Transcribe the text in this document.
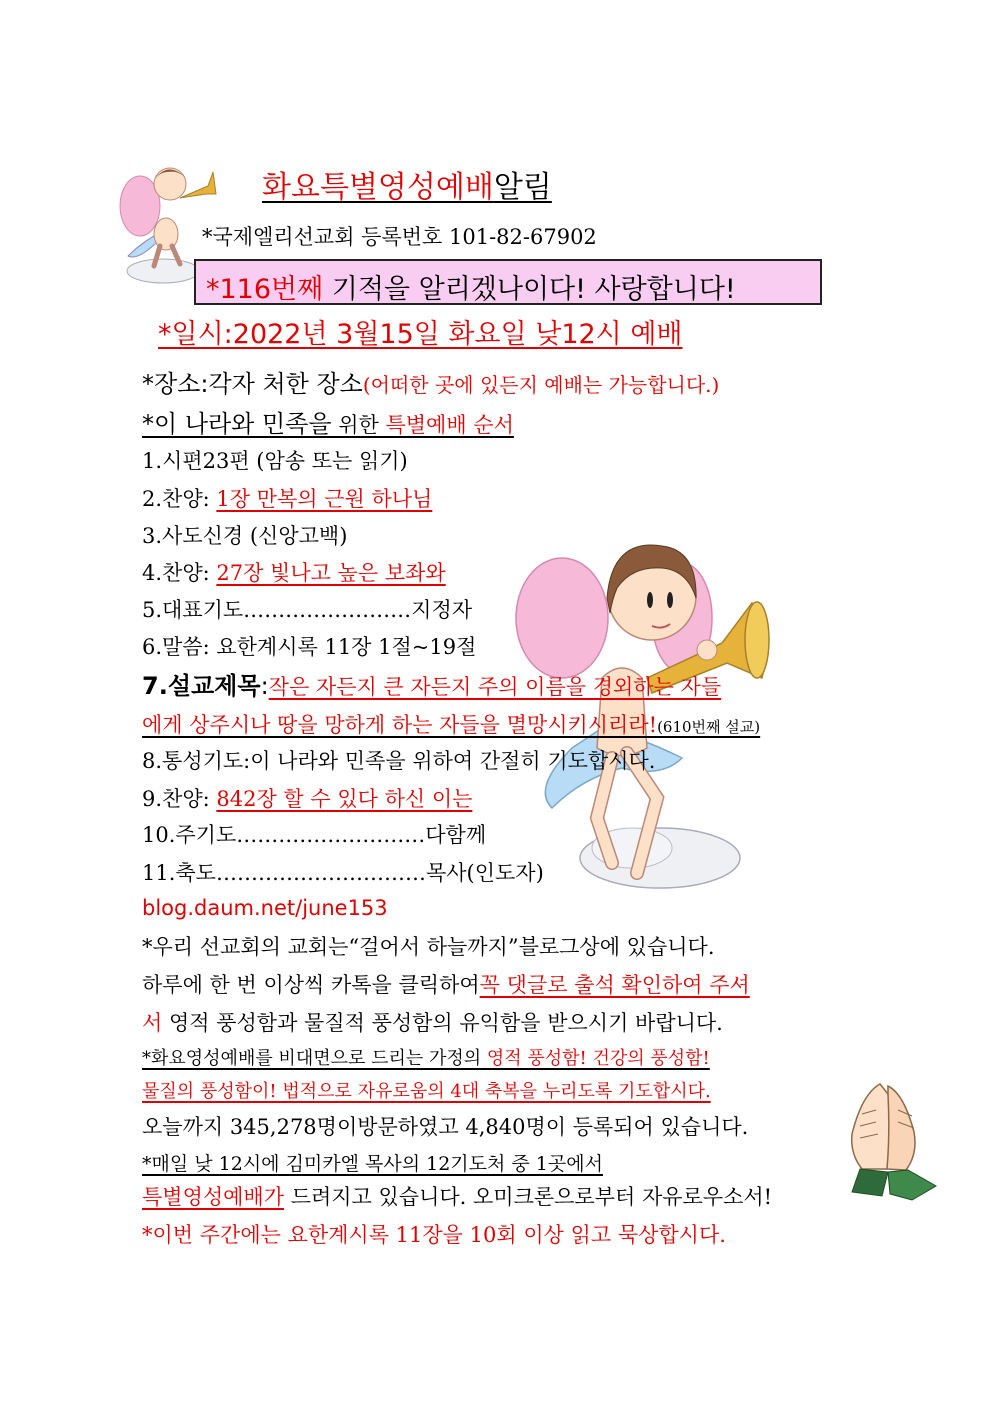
화요특별영성예배알림
*국제엘리선교회 등록번호 101-82-67902
*116번째 기적을 알리겠나이다! 사랑합니다!
*일시:2022년 3월15일 화요일 낮12시 예배
*장소:각자 처한 장소(어떠한 곳에 있든지 예배는 가능합니다.)
*이 나라와 민족을 위한 특별예배 순서
1.시편23편 (암송 또는 읽기)
2.찬양: 1장 만복의 근원 하나님
3.사도신경 (신앙고백)
4.찬양: 27장 빛나고 높은 보좌와
5.대표기도……………………지정자
6.말씀: 요한계시록 11장 1절~19절
7.설교제목:작은 자든지 큰 자든지 주의 이름을 경외하는 자들
에게 상주시나 땅을 망하게 하는 자들을 멸망시키시리라!(610번째 설교)
8.통성기도:이 나라와 민족을 위하여 간절히 기도합시다.
9.찬양: 842장 할 수 있다 하신 이는
10.주기도………………………다함께
11.축도…………………………목사(인도자)
blog.daum.net/june153
*우리 선교회의 교회는“걸어서 하늘까지”블로그상에 있습니다.
하루에 한 번 이상씩 카톡을 클릭하여꼭 댓글로 출석 확인하여 주셔
서 영적 풍성함과 물질적 풍성함의 유익함을 받으시기 바랍니다.
*화요영성예배를 비대면으로 드리는 가정의 영적 풍성함! 건강의 풍성함!
물질의 풍성함이! 법적으로 자유로움의 4대 축복을 누리도록 기도합시다.
오늘까지 345,278명이방문하였고 4,840명이 등록되어 있습니다.
*매일 낮 12시에 김미카엘 목사의 12기도처 중 1곳에서
특별영성예배가 드려지고 있습니다. 오미크론으로부터 자유로우소서!
*이번 주간에는 요한계시록 11장을 10회 이상 읽고 묵상합시다.
